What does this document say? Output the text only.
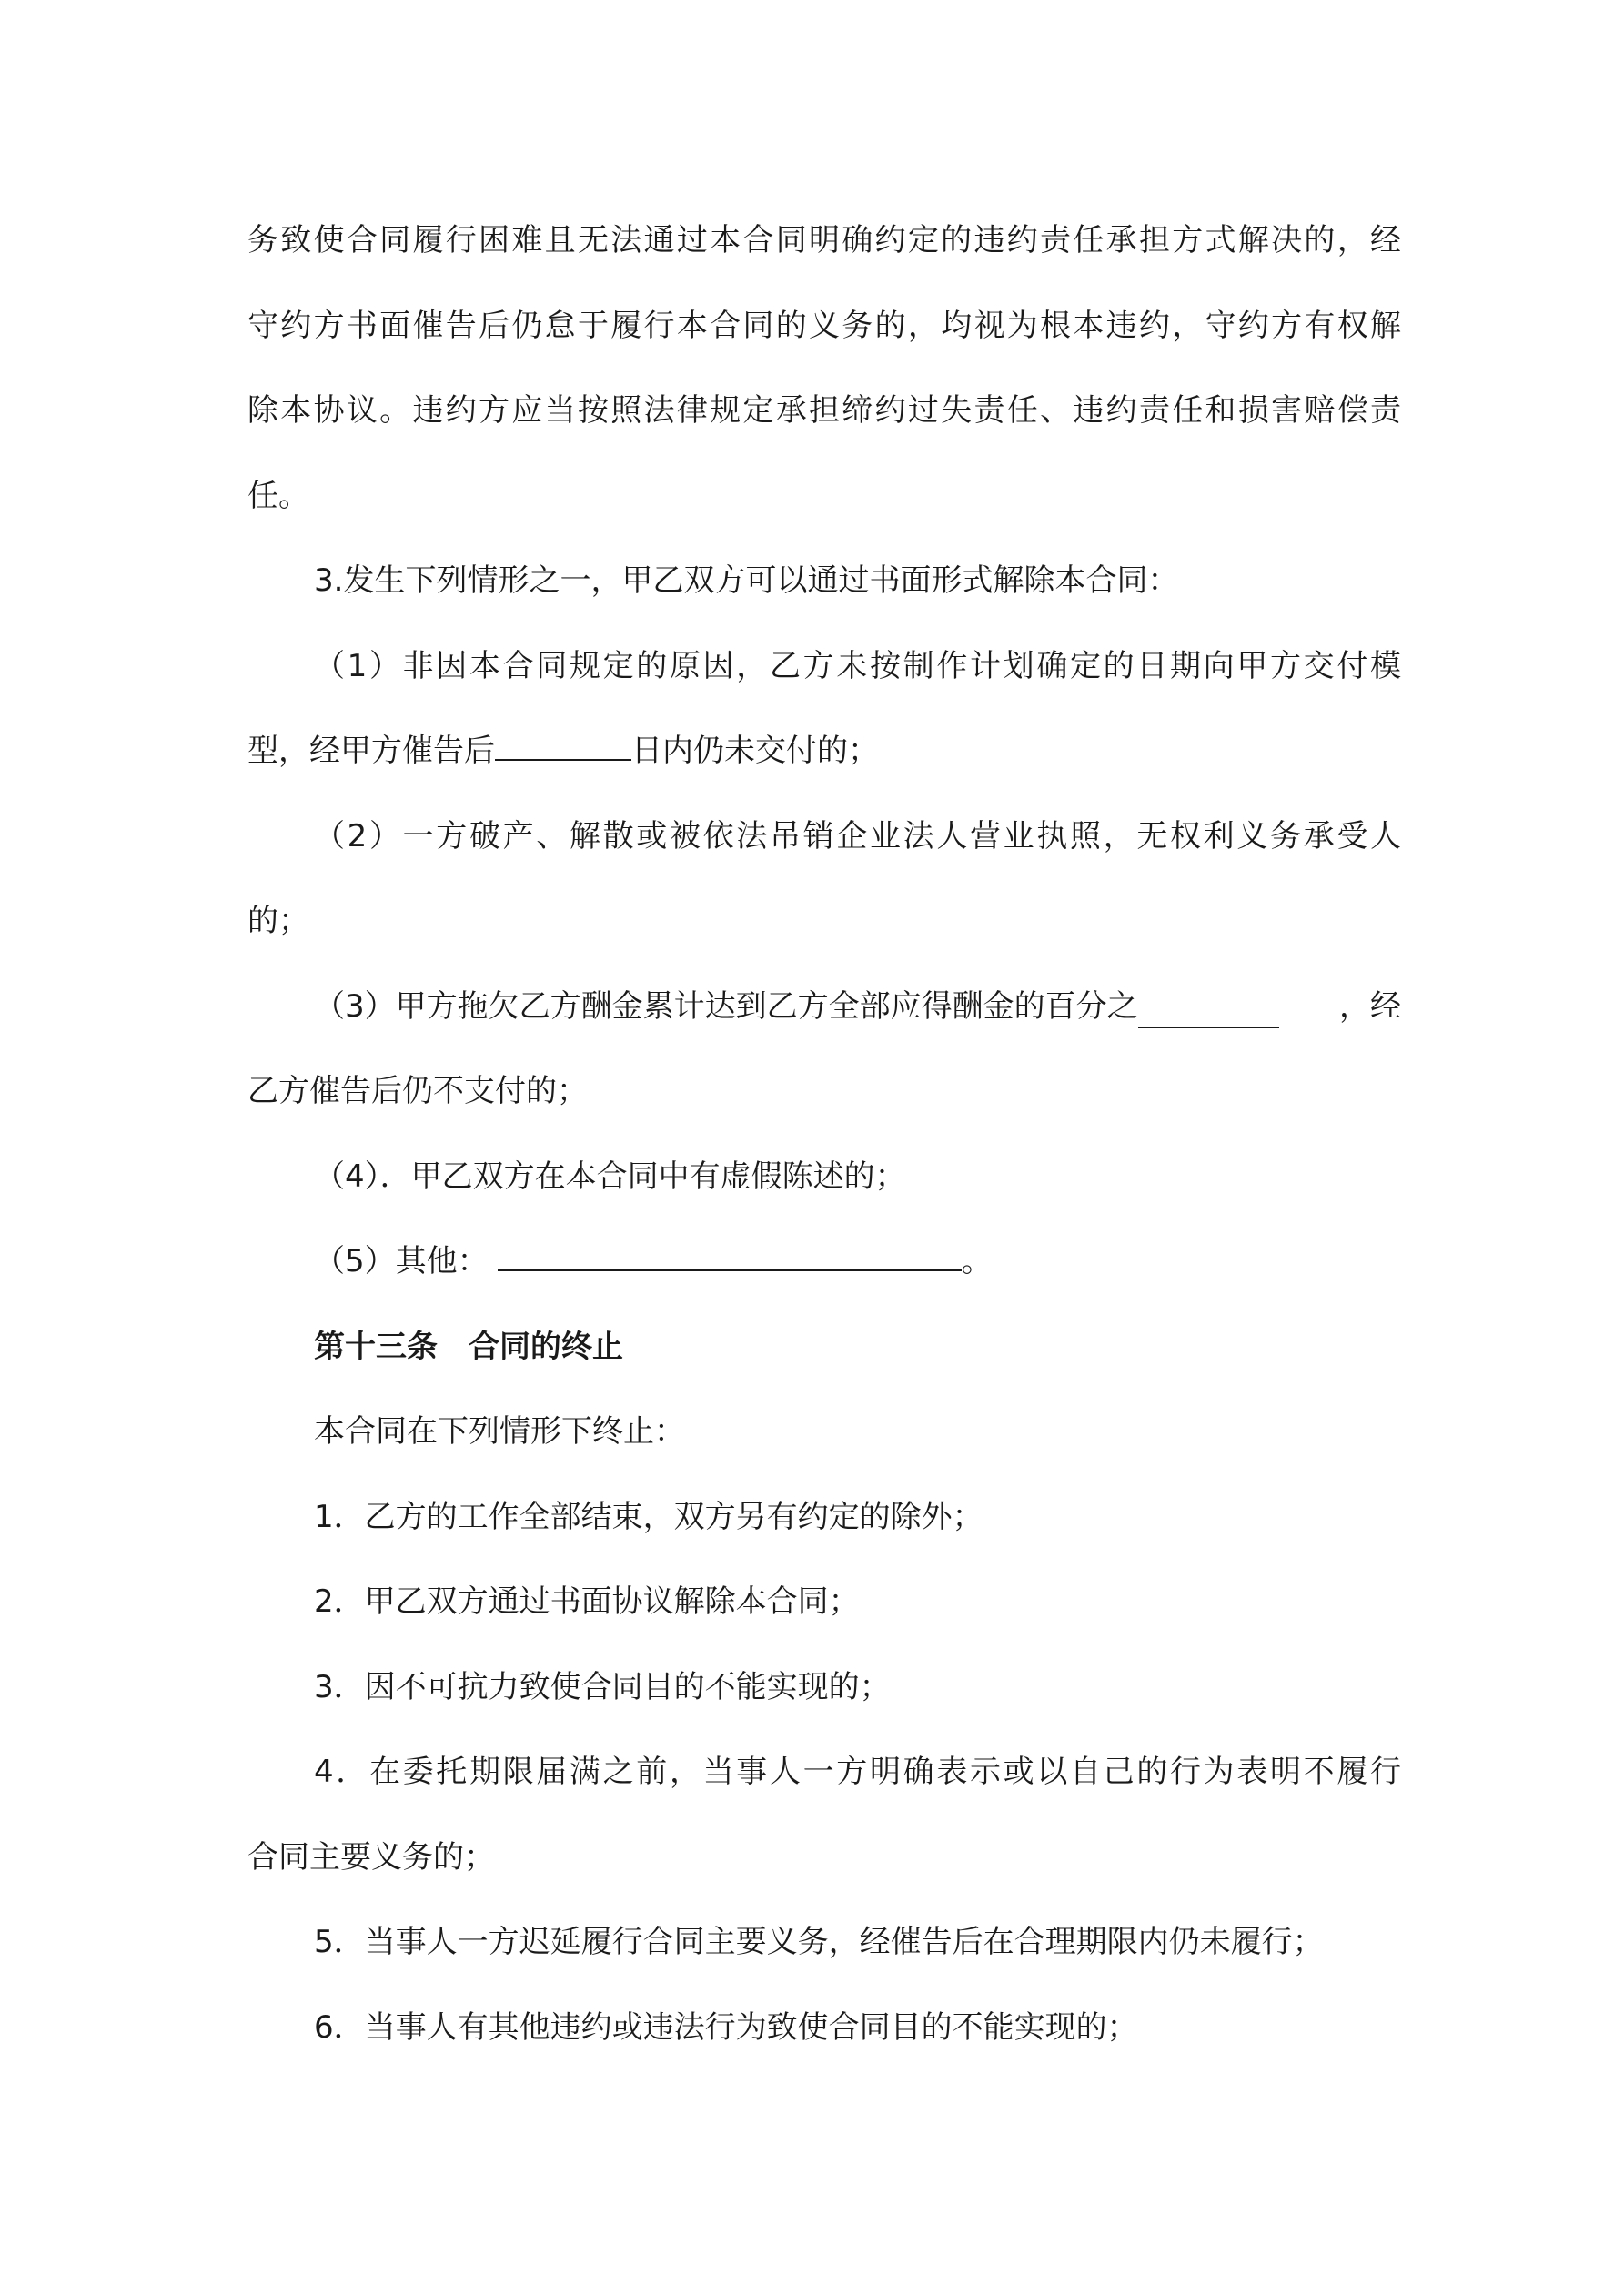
务致使合同履行困难且无法通过本合同明确约定的违约责任承担方式解决的，经
守约方书面催告后仍怠于履行本合同的义务的，均视为根本违约，守约方有权解
除本协议。违约方应当按照法律规定承担缔约过失责任、违约责任和损害赔偿责
任。
3.发生下列情形之一，甲乙双方可以通过书面形式解除本合同：
（1）非因本合同规定的原因，乙方未按制作计划确定的日期向甲方交付模
型，经甲方催告后	日内仍未交付的；
（2）一方破产、解散或被依法吊销企业法人营业执照，无权利义务承受人
的；
（3）甲方拖欠乙方酬金累计达到乙方全部应得酬金的百分之	，经
乙方催告后仍不支付的；
（4）．甲乙双方在本合同中有虚假陈述的；
（5）其他：	。
第十三条　合同的终止
本合同在下列情形下终止：
1．乙方的工作全部结束，双方另有约定的除外；
2．甲乙双方通过书面协议解除本合同；
3．因不可抗力致使合同目的不能实现的；
4．在委托期限届满之前，当事人一方明确表示或以自己的行为表明不履行
合同主要义务的；
5．当事人一方迟延履行合同主要义务，经催告后在合理期限内仍未履行；
6．当事人有其他违约或违法行为致使合同目的不能实现的；
